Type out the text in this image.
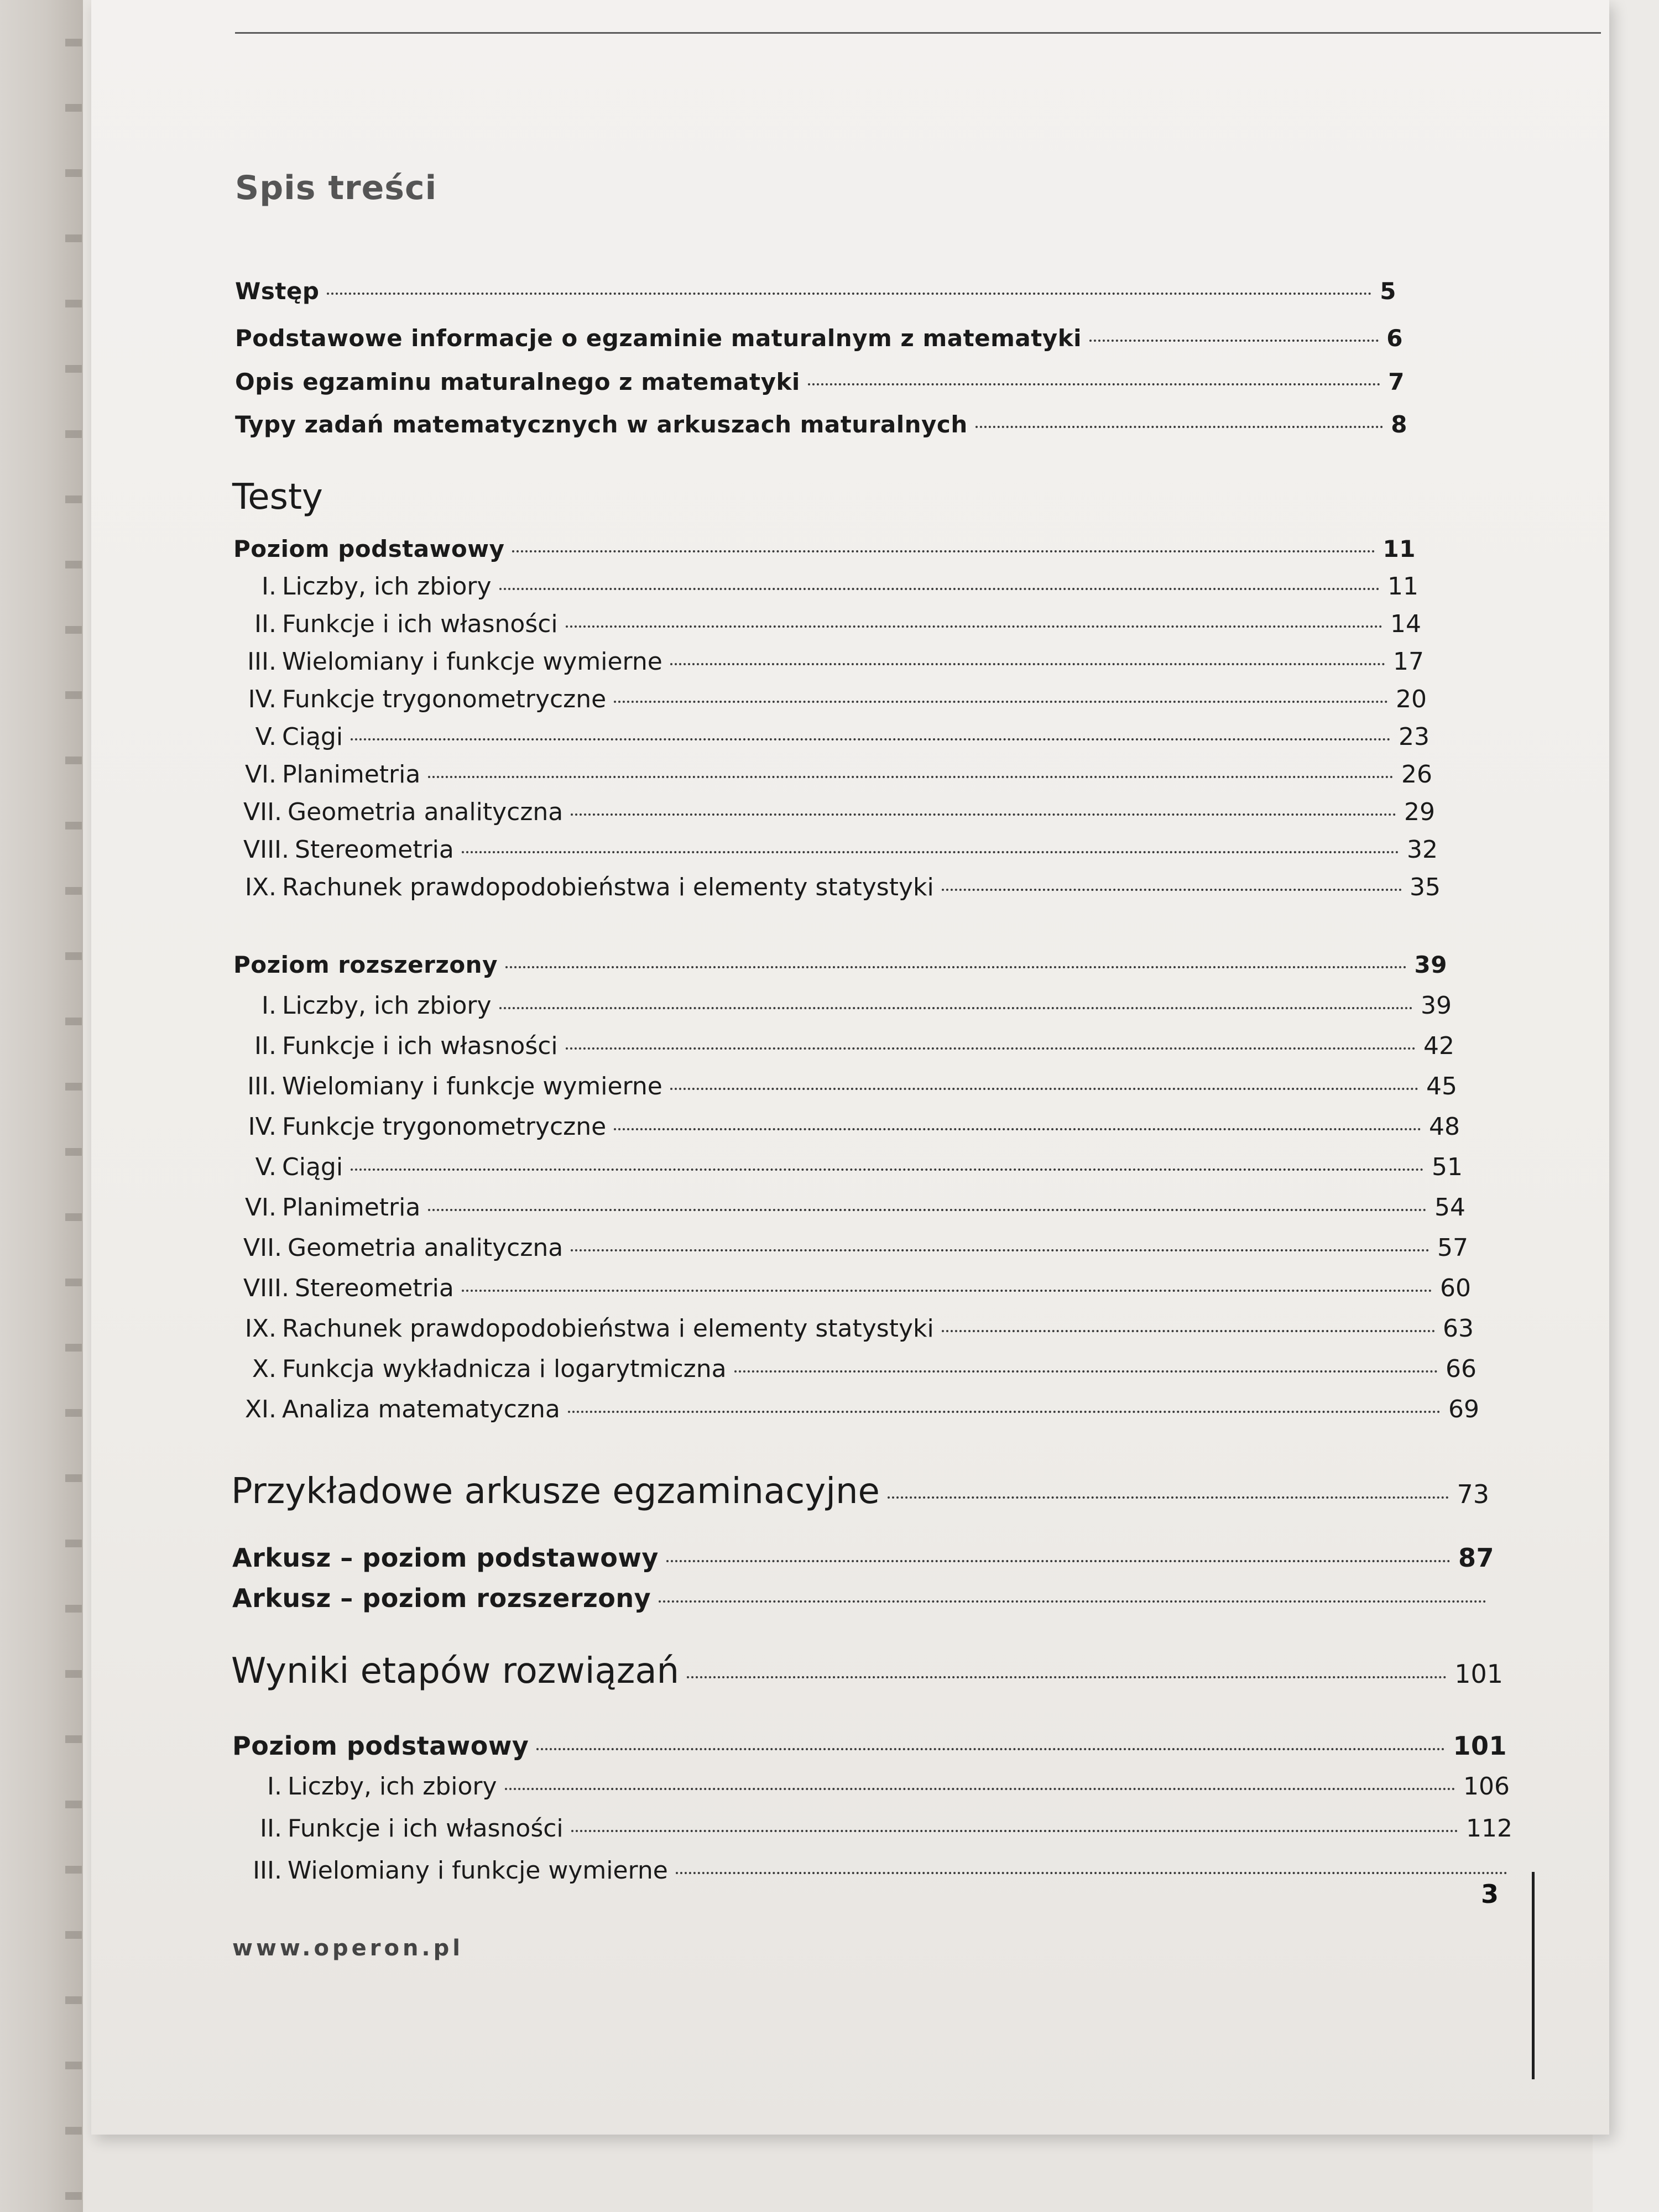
Spis treści
Wstęp	5
Podstawowe informacje o egzaminie maturalnym z matematyki	6
Opis egzaminu maturalnego z matematyki	7
Typy zadań matematycznych w arkuszach maturalnych	8
Testy
Poziom podstawowy	11
I. Liczby, ich zbiory	11
II. Funkcje i ich własności	14
III. Wielomiany i funkcje wymierne	17
IV. Funkcje trygonometryczne	20
V. Ciągi	23
VI. Planimetria	26
VII. Geometria analityczna	29
VIII. Stereometria	32
IX. Rachunek prawdopodobieństwa i elementy statystyki	35
Poziom rozszerzony	39
I. Liczby, ich zbiory	39
II. Funkcje i ich własności	42
III. Wielomiany i funkcje wymierne	45
IV. Funkcje trygonometryczne	48
V. Ciągi	51
VI. Planimetria	54
VII. Geometria analityczna	57
VIII. Stereometria	60
IX. Rachunek prawdopodobieństwa i elementy statystyki	63
X. Funkcja wykładnicza i logarytmiczna	66
XI. Analiza matematyczna	69
Przykładowe arkusze egzaminacyjne	73
Arkusz – poziom podstawowy	87
Arkusz – poziom rozszerzony
Wyniki etapów rozwiązań	101
Poziom podstawowy	101
I. Liczby, ich zbiory	106
II. Funkcje i ich własności	112
III. Wielomiany i funkcje wymierne
3
www.operon.pl
